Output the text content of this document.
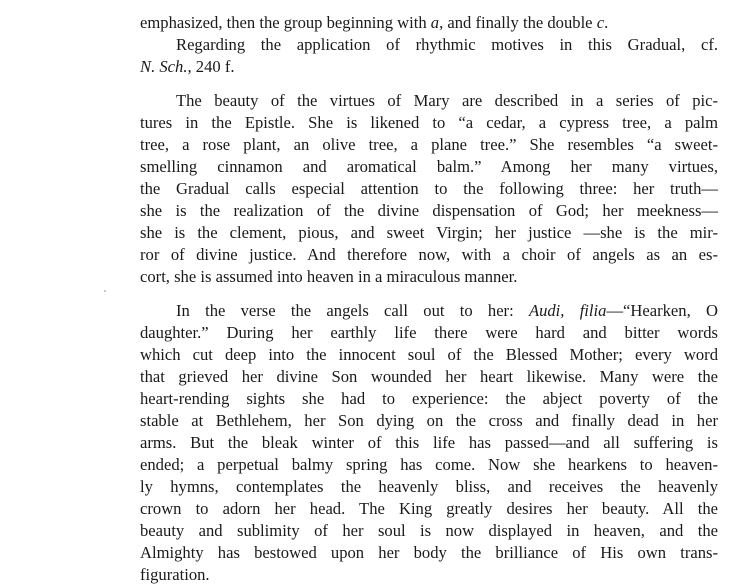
emphasized, then the group beginning with a, and finally the double c.
Regarding the application of rhythmic motives in this Gradual, cf.
N. Sch., 240 f.
The beauty of the virtues of Mary are described in a series of pic-
tures in the Epistle. She is likened to “a cedar, a cypress tree, a palm
tree, a rose plant, an olive tree, a plane tree.” She resembles “a sweet-
smelling cinnamon and aromatical balm.” Among her many virtues,
the Gradual calls especial attention to the following three: her truth—
she is the realization of the divine dispensation of God; her meekness—
she is the clement, pious, and sweet Virgin; her justice —she is the mir-
ror of divine justice. And therefore now, with a choir of angels as an es-
cort, she is assumed into heaven in a miraculous manner.
In the verse the angels call out to her: Audi, filia—“Hearken, O
daughter.” During her earthly life there were hard and bitter words
which cut deep into the innocent soul of the Blessed Mother; every word
that grieved her divine Son wounded her heart likewise. Many were the
heart-rending sights she had to experience: the abject poverty of the
stable at Bethlehem, her Son dying on the cross and finally dead in her
arms. But the bleak winter of this life has passed—and all suffering is
ended; a perpetual balmy spring has come. Now she hearkens to heaven-
ly hymns, contemplates the heavenly bliss, and receives the heavenly
crown to adorn her head. The King greatly desires her beauty. All the
beauty and sublimity of her soul is now displayed in heaven, and the
Almighty has bestowed upon her body the brilliance of His own trans-
figuration.
